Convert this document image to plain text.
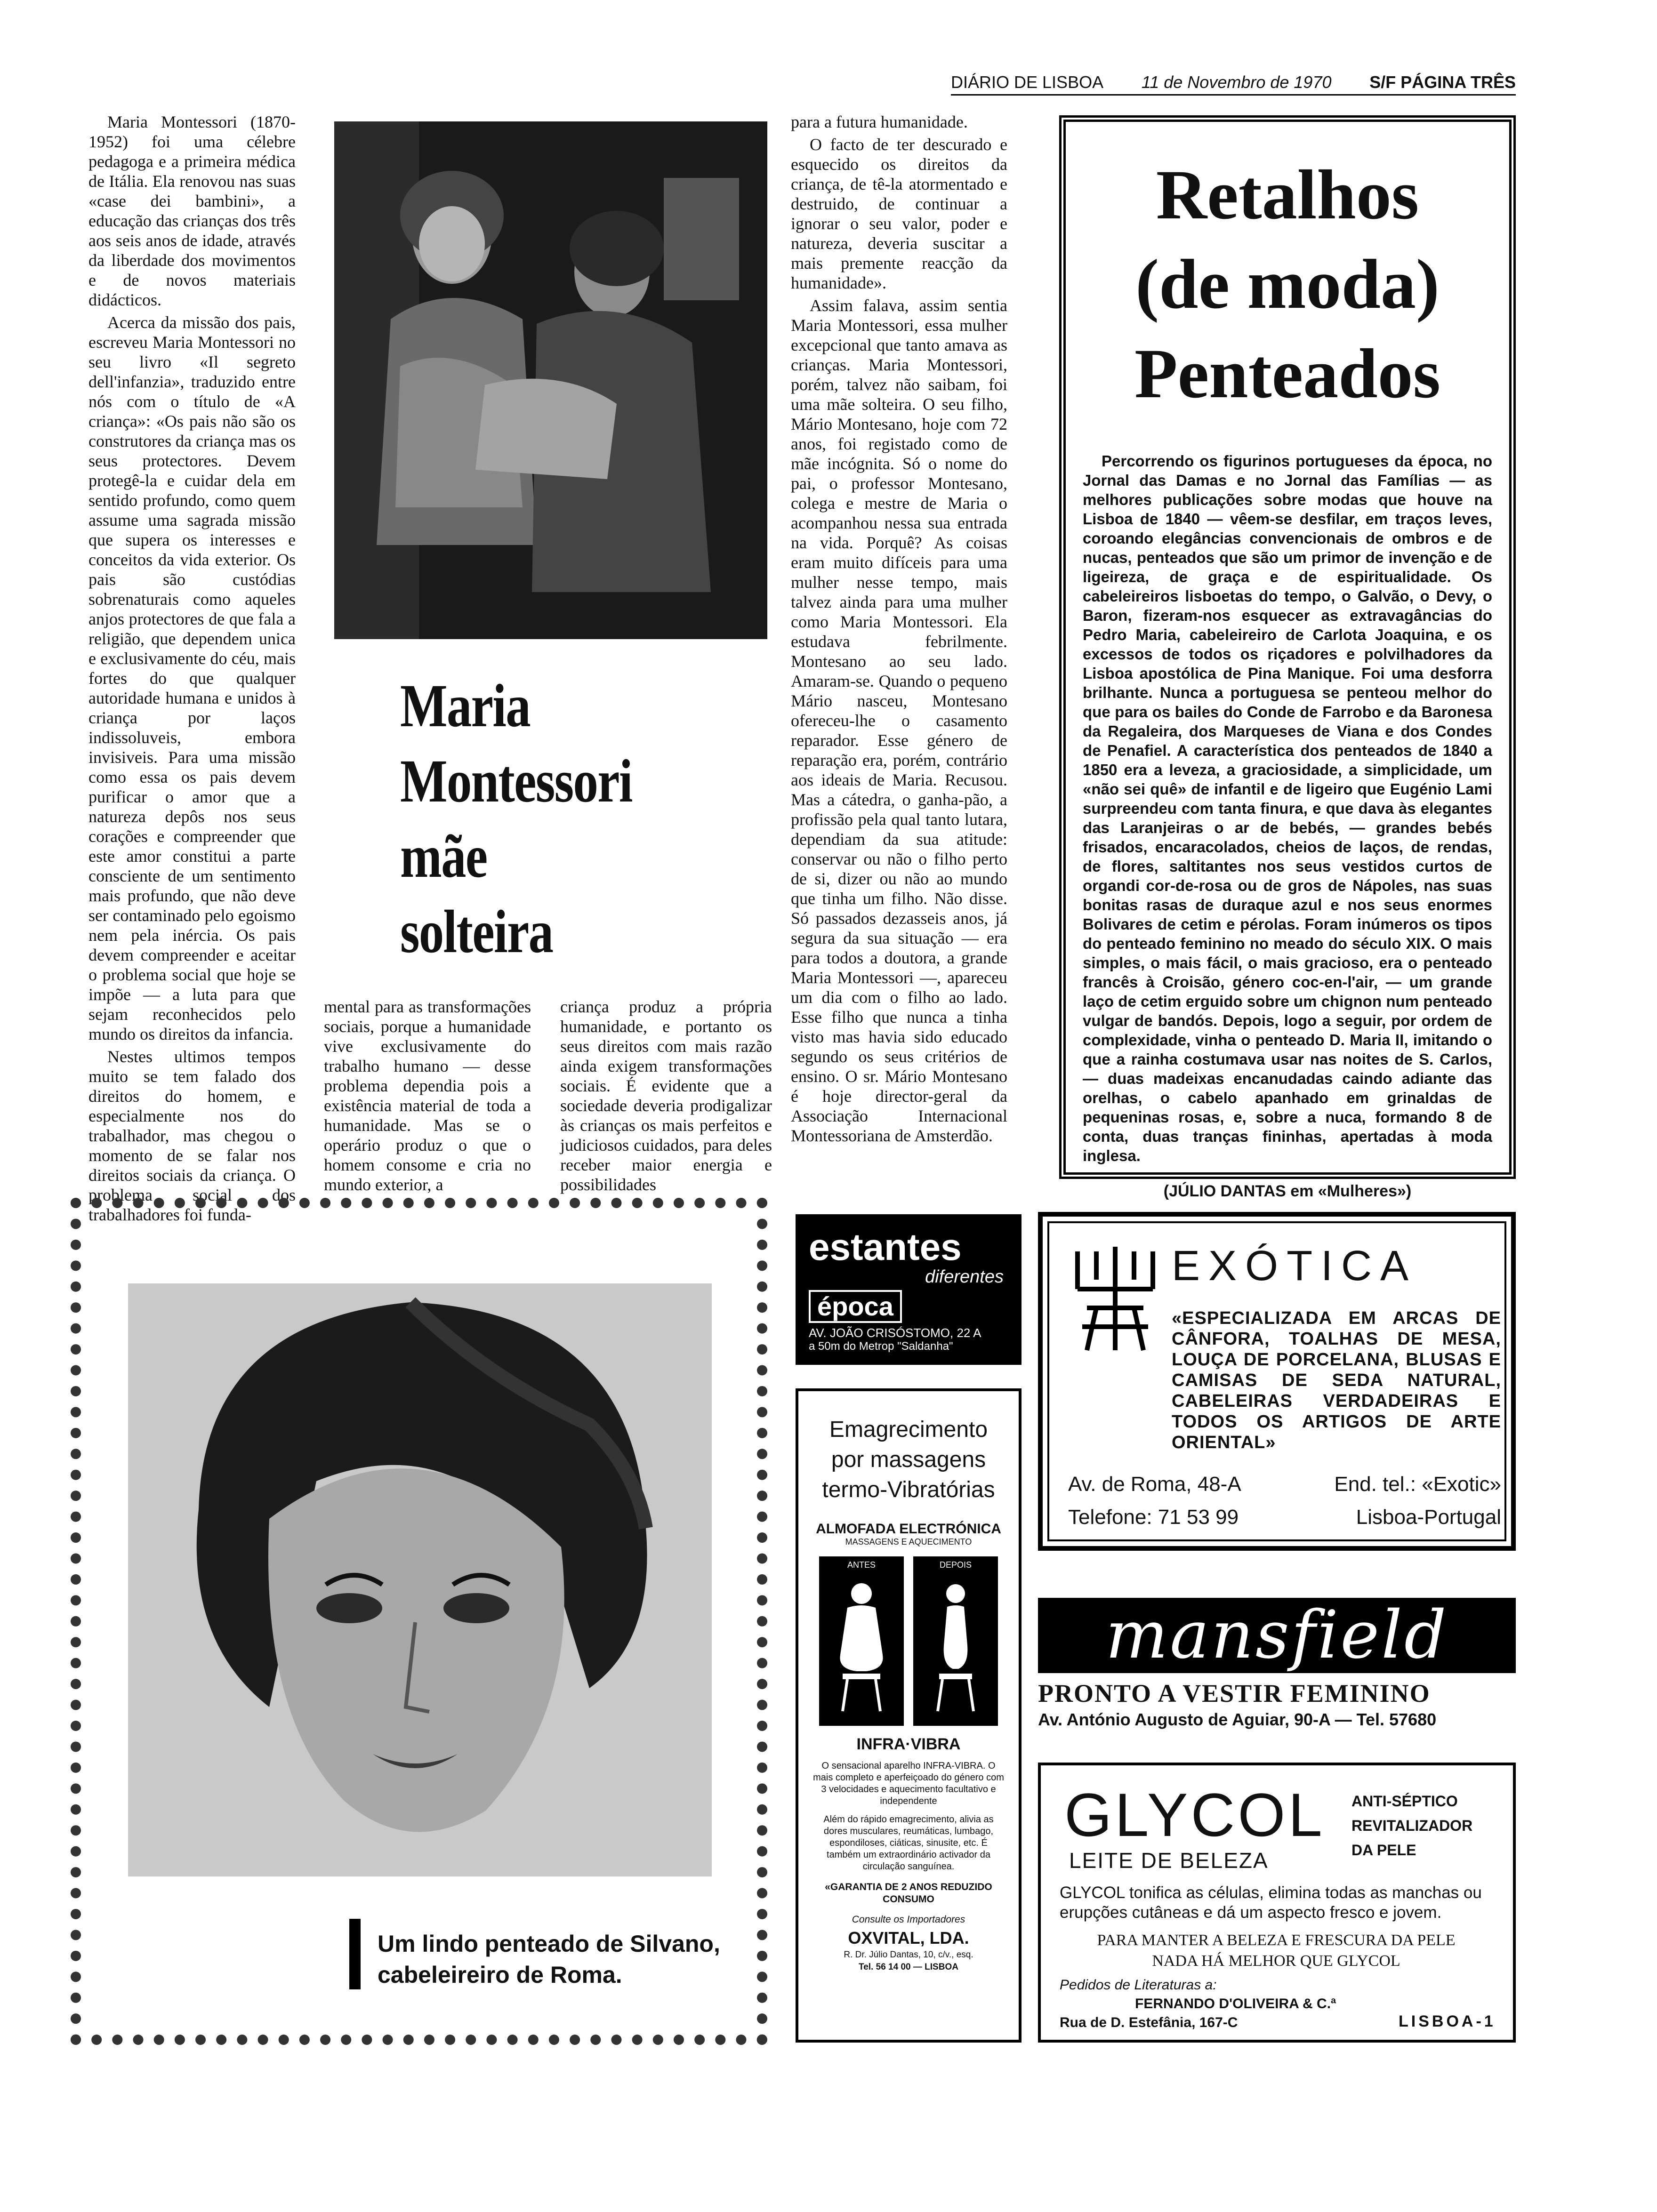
DIÁRIO DE LISBOA 11 de Novembro de 1970 S/F PÁGINA TRÊS

Maria Montessori (1870-1952) foi uma célebre pedagoga e a primeira médica de Itália. Ela renovou nas suas «case dei bambini», a educação das crianças dos três aos seis anos de idade, através da liberdade dos movimentos e de novos materiais didácticos.

Acerca da missão dos pais, escreveu Maria Montessori no seu livro «Il segreto dell'infanzia», traduzido entre nós com o título de «A criança»: «Os pais não são os construtores da criança mas os seus protectores. Devem protegê-la e cuidar dela em sentido profundo, como quem assume uma sagrada missão que supera os interesses e conceitos da vida exterior. Os pais são custódias sobrenaturais como aqueles anjos protectores de que fala a religião, que dependem unica e exclusivamente do céu, mais fortes do que qualquer autoridade humana e unidos à criança por laços indissoluveis, embora invisiveis. Para uma missão como essa os pais devem purificar o amor que a natureza depôs nos seus corações e compreender que este amor constitui a parte consciente de um sentimento mais profundo, que não deve ser contaminado pelo egoismo nem pela inércia. Os pais devem compreender e aceitar o problema social que hoje se impõe — a luta para que sejam reconhecidos pelo mundo os direitos da infancia.

Nestes ultimos tempos muito se tem falado dos direitos do homem, e especialmente nos do trabalhador, mas chegou o momento de se falar nos direitos sociais da criança. O problema social dos trabalhadores foi funda-

Maria
Montessori
mãe
solteira

mental para as transformações sociais, porque a humanidade vive exclusivamente do trabalho humano — desse problema dependia pois a existência material de toda a humanidade. Mas se o operário produz o que o homem consome e cria no mundo exterior, a

criança produz a própria humanidade, e portanto os seus direitos com mais razão ainda exigem transformações sociais. É evidente que a sociedade deveria prodigalizar às crianças os mais perfeitos e judiciosos cuidados, para deles receber maior energia e possibilidades

para a futura humanidade.

O facto de ter descurado e esquecido os direitos da criança, de tê-la atormentado e destruido, de continuar a ignorar o seu valor, poder e natureza, deveria suscitar a mais premente reacção da humanidade».

Assim falava, assim sentia Maria Montessori, essa mulher excepcional que tanto amava as crianças. Maria Montessori, porém, talvez não saibam, foi uma mãe solteira. O seu filho, Mário Montesano, hoje com 72 anos, foi registado como de mãe incógnita. Só o nome do pai, o professor Montesano, colega e mestre de Maria o acompanhou nessa sua entrada na vida. Porquê? As coisas eram muito difíceis para uma mulher nesse tempo, mais talvez ainda para uma mulher como Maria Montessori. Ela estudava febrilmente. Montesano ao seu lado. Amaram-se. Quando o pequeno Mário nasceu, Montesano ofereceu-lhe o casamento reparador. Esse género de reparação era, porém, contrário aos ideais de Maria. Recusou. Mas a cátedra, o ganha-pão, a profissão pela qual tanto lutara, dependiam da sua atitude: conservar ou não o filho perto de si, dizer ou não ao mundo que tinha um filho. Não disse. Só passados dezasseis anos, já segura da sua situação — era para todos a doutora, a grande Maria Montessori —, apareceu um dia com o filho ao lado. Esse filho que nunca a tinha visto mas havia sido educado segundo os seus critérios de ensino. O sr. Mário Montesano é hoje director-geral da Associação Internacional Montessoriana de Amsterdão.

Retalhos
(de moda)
Penteados
Percorrendo os figurinos portugueses da época, no Jornal das Damas e no Jornal das Famílias — as melhores publicações sobre modas que houve na Lisboa de 1840 — vêem-se desfilar, em traços leves, coroando elegâncias convencionais de ombros e de nucas, penteados que são um primor de invenção e de ligeireza, de graça e de espiritualidade. Os cabeleireiros lisboetas do tempo, o Galvão, o Devy, o Baron, fizeram-nos esquecer as extravagâncias do Pedro Maria, cabeleireiro de Carlota Joaquina, e os excessos de todos os riçadores e polvilhadores da Lisboa apostólica de Pina Manique. Foi uma desforra brilhante. Nunca a portuguesa se penteou melhor do que para os bailes do Conde de Farrobo e da Baronesa da Regaleira, dos Marqueses de Viana e dos Condes de Penafiel. A característica dos penteados de 1840 a 1850 era a leveza, a graciosidade, a simplicidade, um «não sei quê» de infantil e de ligeiro que Eugénio Lami surpreendeu com tanta finura, e que dava às elegantes das Laranjeiras o ar de bebés, — grandes bebés frisados, encaracolados, cheios de laços, de rendas, de flores, saltitantes nos seus vestidos curtos de organdi cor-de-rosa ou de gros de Nápoles, nas suas bonitas rasas de duraque azul e nos seus enormes Bolivares de cetim e pérolas. Foram inúmeros os tipos do penteado feminino no meado do século XIX. O mais simples, o mais fácil, o mais gracioso, era o penteado francês à Croisão, género coc-en-l'air, — um grande laço de cetim erguido sobre um chignon num penteado vulgar de bandós. Depois, logo a seguir, por ordem de complexidade, vinha o penteado D. Maria II, imitando o que a rainha costumava usar nas noites de S. Carlos, — duas madeixas encanudadas caindo adiante das orelhas, o cabelo apanhado em grinaldas de pequeninas rosas, e, sobre a nuca, formando 8 de conta, duas tranças fininhas, apertadas à moda inglesa.
(JÚLIO DANTAS em «Mulheres»)
Um lindo penteado de Silvano,
cabeleireiro de Roma.
estantes
diferentes
época
AV. JOÃO CRISÓSTOMO, 22 A
a 50m do Metrop "Saldanha"
Emagrecimento
por massagens
termo-Vibratórias
ALMOFADA ELECTRÓNICA
MASSAGENS E AQUECIMENTO
ANTES	DEPOIS
INFRA·VIBRA
O sensacional aparelho INFRA-VIBRA. O mais completo e aperfeiçoado do género com 3 velocidades e aquecimento facultativo e independente
Além do rápido emagrecimento, alivia as dores musculares, reumáticas, lumbago, espondiloses, ciáticas, sinusite, etc. É também um extraordinário activador da circulação sanguínea.
«GARANTIA DE 2 ANOS REDUZIDO CONSUMO
Consulte os Importadores
OXVITAL, LDA.
R. Dr. Júlio Dantas, 10, c/v., esq.
Tel. 56 14 00 — LISBOA
EXÓTICA
«ESPECIALIZADA EM ARCAS DE CÂNFORA, TOALHAS DE MESA, LOUÇA DE PORCELANA, BLUSAS E CAMISAS DE SEDA NATURAL, CABELEIRAS VERDADEIRAS E TODOS OS ARTIGOS DE ARTE ORIENTAL»
Av. de Roma, 48-A	End. tel.: «Exotic»
Telefone: 71 53 99	Lisboa-Portugal
mansfield
PRONTO A VESTIR FEMININO
Av. António Augusto de Aguiar, 90-A — Tel. 57680
GLYCOL
LEITE DE BELEZA
ANTI-SÉPTICO
REVITALIZADOR
DA PELE
GLYCOL tonifica as células, elimina todas as manchas ou erupções cutâneas e dá um aspecto fresco e jovem.
PARA MANTER A BELEZA E FRESCURA DA PELE NADA HÁ MELHOR QUE GLYCOL
Pedidos de Literaturas a:
FERNANDO D'OLIVEIRA & C.ª
Rua de D. Estefânia, 167-C	LISBOA-1
